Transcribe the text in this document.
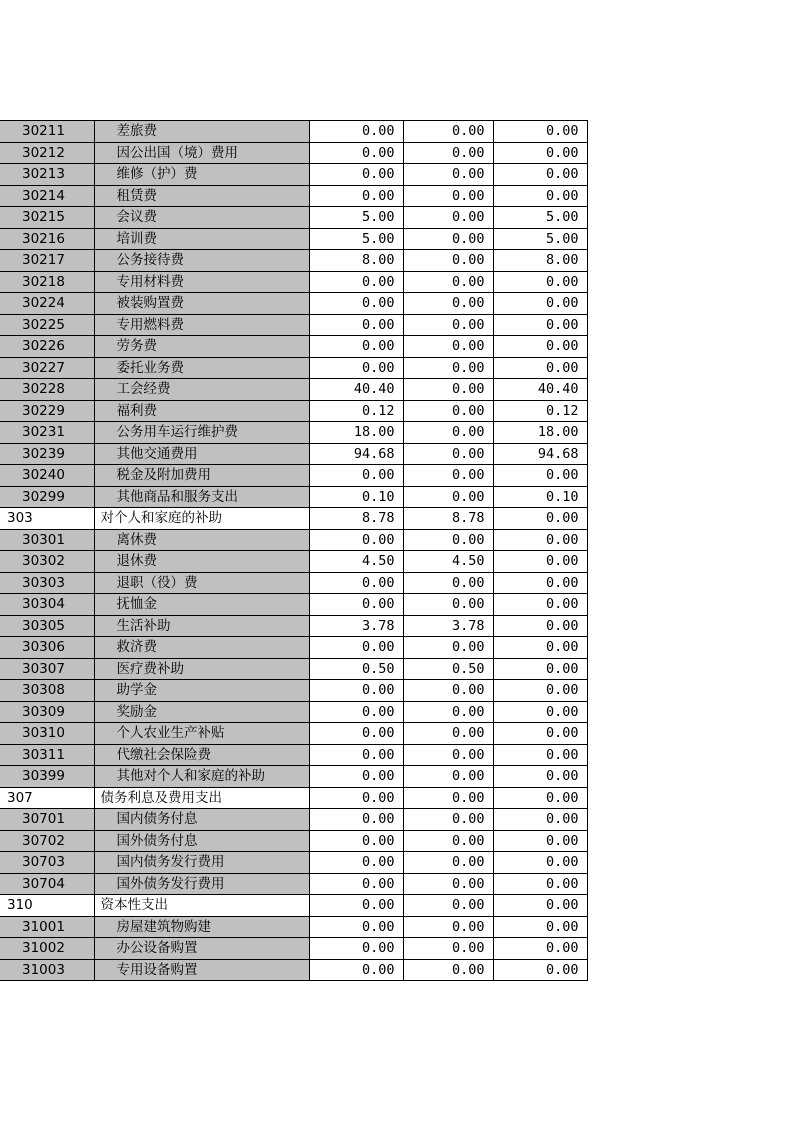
30211	差旅费	0.00	0.00	0.00
30212	因公出国（境）费用	0.00	0.00	0.00
30213	维修（护）费	0.00	0.00	0.00
30214	租赁费	0.00	0.00	0.00
30215	会议费	5.00	0.00	5.00
30216	培训费	5.00	0.00	5.00
30217	公务接待费	8.00	0.00	8.00
30218	专用材料费	0.00	0.00	0.00
30224	被装购置费	0.00	0.00	0.00
30225	专用燃料费	0.00	0.00	0.00
30226	劳务费	0.00	0.00	0.00
30227	委托业务费	0.00	0.00	0.00
30228	工会经费	40.40	0.00	40.40
30229	福利费	0.12	0.00	0.12
30231	公务用车运行维护费	18.00	0.00	18.00
30239	其他交通费用	94.68	0.00	94.68
30240	税金及附加费用	0.00	0.00	0.00
30299	其他商品和服务支出	0.10	0.00	0.10
303	对个人和家庭的补助	8.78	8.78	0.00
30301	离休费	0.00	0.00	0.00
30302	退休费	4.50	4.50	0.00
30303	退职（役）费	0.00	0.00	0.00
30304	抚恤金	0.00	0.00	0.00
30305	生活补助	3.78	3.78	0.00
30306	救济费	0.00	0.00	0.00
30307	医疗费补助	0.50	0.50	0.00
30308	助学金	0.00	0.00	0.00
30309	奖励金	0.00	0.00	0.00
30310	个人农业生产补贴	0.00	0.00	0.00
30311	代缴社会保险费	0.00	0.00	0.00
30399	其他对个人和家庭的补助	0.00	0.00	0.00
307	债务利息及费用支出	0.00	0.00	0.00
30701	国内债务付息	0.00	0.00	0.00
30702	国外债务付息	0.00	0.00	0.00
30703	国内债务发行费用	0.00	0.00	0.00
30704	国外债务发行费用	0.00	0.00	0.00
310	资本性支出	0.00	0.00	0.00
31001	房屋建筑物购建	0.00	0.00	0.00
31002	办公设备购置	0.00	0.00	0.00
31003	专用设备购置	0.00	0.00	0.00
